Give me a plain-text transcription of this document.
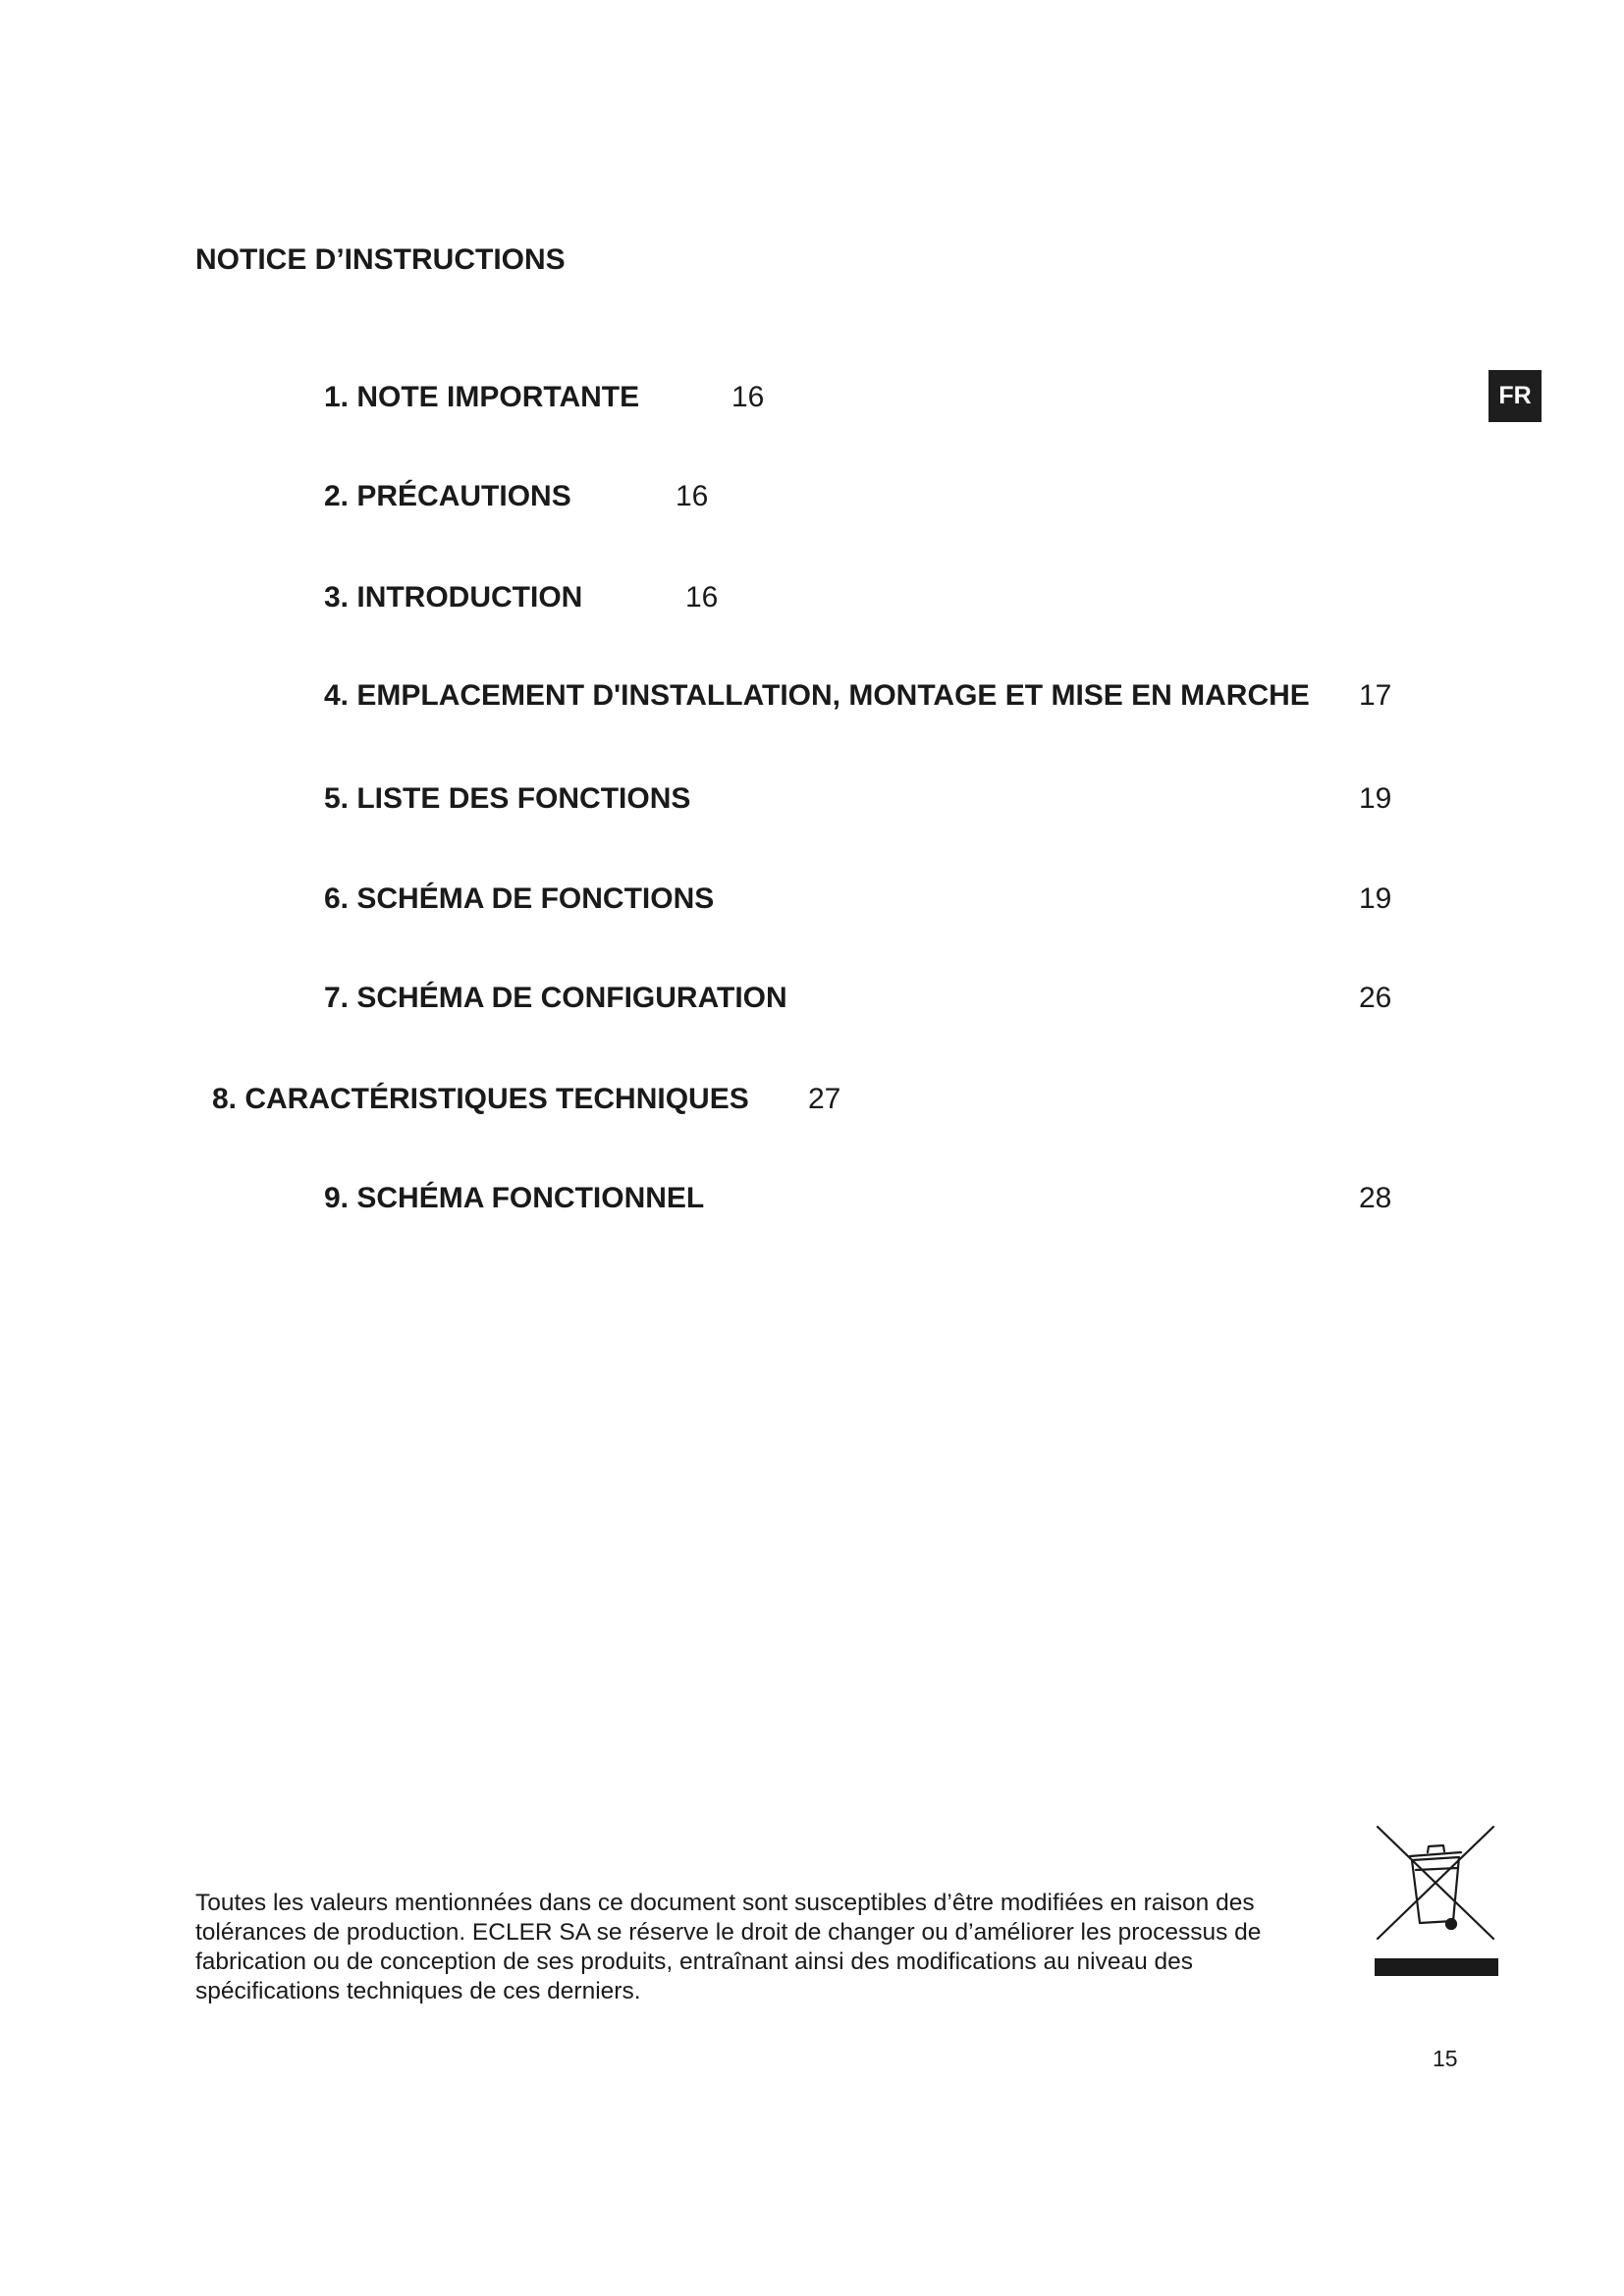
NOTICE D’INSTRUCTIONS
FR
1. NOTE IMPORTANTE	16
2. PRÉCAUTIONS	16
3. INTRODUCTION	16
4. EMPLACEMENT D'INSTALLATION, MONTAGE ET MISE EN MARCHE 17
5. LISTE DES FONCTIONS	19
6. SCHÉMA DE FONCTIONS	19
7. SCHÉMA DE CONFIGURATION	26
8. CARACTÉRISTIQUES TECHNIQUES 27
9. SCHÉMA FONCTIONNEL	28
Toutes les valeurs mentionnées dans ce document sont susceptibles d’être modifiées en raison des tolérances de production. ECLER SA se réserve le droit de changer ou d’améliorer les processus de fabrication ou de conception de ses produits, entraînant ainsi des modifications au niveau des spécifications techniques de ces derniers.
15
